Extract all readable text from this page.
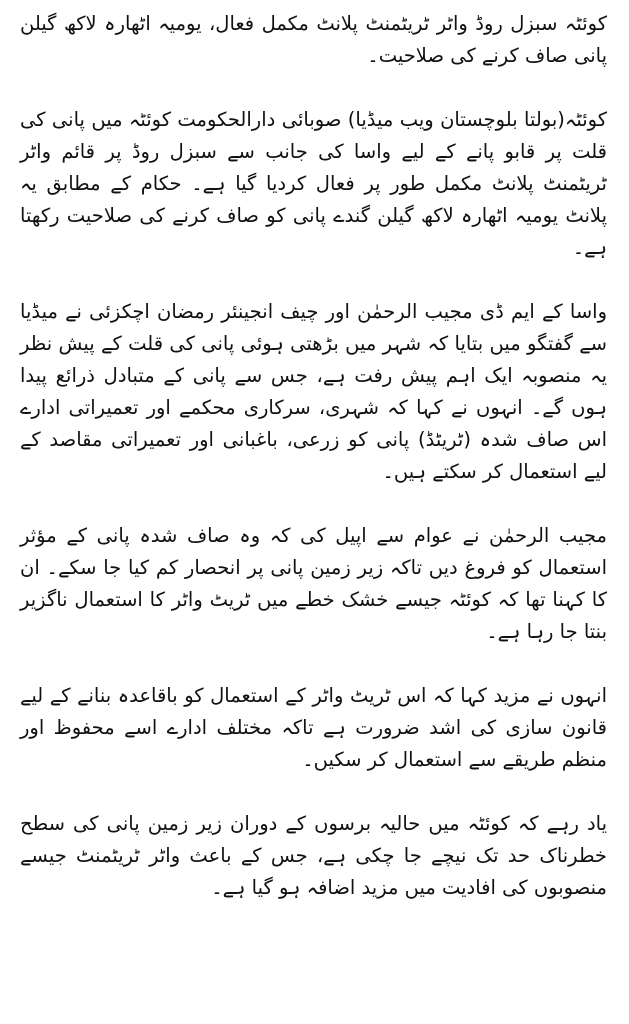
کوئٹہ سبزل روڈ واٹر ٹریٹمنٹ پلانٹ مکمل فعال، یومیہ اٹھارہ لاکھ گیلن پانی صاف کرنے کی صلاحیت۔

کوئٹہ(بولتا بلوچستان ویب میڈیا) صوبائی دارالحکومت کوئٹہ میں پانی کی قلت پر قابو پانے کے لیے واسا کی جانب سے سبزل روڈ پر قائم واٹر ٹریٹمنٹ پلانٹ مکمل طور پر فعال کردیا گیا ہے۔ حکام کے مطابق یہ پلانٹ یومیہ اٹھارہ لاکھ گیلن گندے پانی کو صاف کرنے کی صلاحیت رکھتا ہے۔

واسا کے ایم ڈی مجیب الرحمٰن اور چیف انجینئر رمضان اچکزئی نے میڈیا سے گفتگو میں بتایا کہ شہر میں بڑھتی ہوئی پانی کی قلت کے پیش نظر یہ منصوبہ ایک اہم پیش رفت ہے، جس سے پانی کے متبادل ذرائع پیدا ہوں گے۔ انہوں نے کہا کہ شہری، سرکاری محکمے اور تعمیراتی ادارے اس صاف شدہ (ٹریٹڈ) پانی کو زرعی، باغبانی اور تعمیراتی مقاصد کے لیے استعمال کر سکتے ہیں۔

مجیب الرحمٰن نے عوام سے اپیل کی کہ وہ صاف شدہ پانی کے مؤثر استعمال کو فروغ دیں تاکہ زیر زمین پانی پر انحصار کم کیا جا سکے۔ ان کا کہنا تھا کہ کوئٹہ جیسے خشک خطے میں ٹریٹ واٹر کا استعمال ناگزیر بنتا جا رہا ہے۔

انہوں نے مزید کہا کہ اس ٹریٹ واٹر کے استعمال کو باقاعدہ بنانے کے لیے قانون سازی کی اشد ضرورت ہے تاکہ مختلف ادارے اسے محفوظ اور منظم طریقے سے استعمال کر سکیں۔

یاد رہے کہ کوئٹہ میں حالیہ برسوں کے دوران زیر زمین پانی کی سطح خطرناک حد تک نیچے جا چکی ہے، جس کے باعث واٹر ٹریٹمنٹ جیسے منصوبوں کی افادیت میں مزید اضافہ ہو گیا ہے۔
